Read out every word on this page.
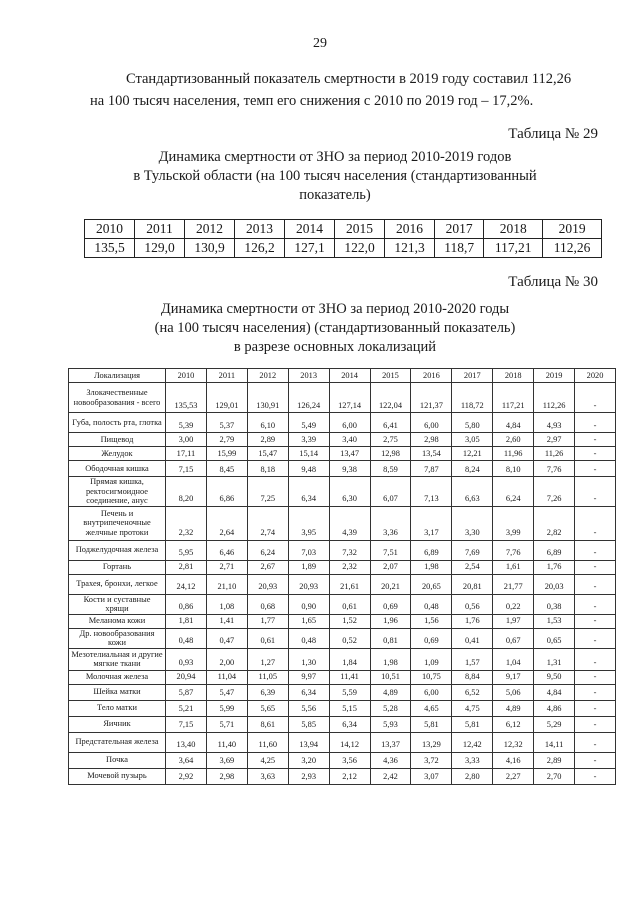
29
Стандартизованный показатель смертности в 2019 году составил 112,26
на 100 тысяч населения, темп его снижения с 2010 по 2019 год – 17,2%.
Таблица № 29
Динамика смертности от ЗНО за период 2010-2019 годов
в Тульской области (на 100 тысяч населения (стандартизованный
показатель)
2010	2011	2012	2013	2014	2015	2016	2017	2018	2019
135,5	129,0	130,9	126,2	127,1	122,0	121,3	118,7	117,21	112,26
Таблица № 30
Динамика смертности от ЗНО за период 2010-2020 годы
(на 100 тысяч населения) (стандартизованный показатель)
в разрезе основных локализаций
Локализация	2010	2011	2012	2013	2014	2015	2016	2017	2018	2019	2020
Злокачественные новообразования - всего	135,53	129,01	130,91	126,24	127,14	122,04	121,37	118,72	117,21	112,26	-
Губа, полость рта, глотка	5,39	5,37	6,10	5,49	6,00	6,41	6,00	5,80	4,84	4,93	-
Пищевод	3,00	2,79	2,89	3,39	3,40	2,75	2,98	3,05	2,60	2,97	-
Желудок	17,11	15,99	15,47	15,14	13,47	12,98	13,54	12,21	11,96	11,26	-
Ободочная кишка	7,15	8,45	8,18	9,48	9,38	8,59	7,87	8,24	8,10	7,76	-
Прямая кишка, ректосигмоидное соединение, анус	8,20	6,86	7,25	6,34	6,30	6,07	7,13	6,63	6,24	7,26	-
Печень и внутрипеченочные желчные протоки	2,32	2,64	2,74	3,95	4,39	3,36	3,17	3,30	3,99	2,82	-
Поджелудочная железа	5,95	6,46	6,24	7,03	7,32	7,51	6,89	7,69	7,76	6,89	-
Гортань	2,81	2,71	2,67	1,89	2,32	2,07	1,98	2,54	1,61	1,76	-
Трахея, бронхи, легкое	24,12	21,10	20,93	20,93	21,61	20,21	20,65	20,81	21,77	20,03	-
Кости и суставные хрящи	0,86	1,08	0,68	0,90	0,61	0,69	0,48	0,56	0,22	0,38	-
Меланома кожи	1,81	1,41	1,77	1,65	1,52	1,96	1,56	1,76	1,97	1,53	-
Др. новообразования кожи	0,48	0,47	0,61	0,48	0,52	0,81	0,69	0,41	0,67	0,65	-
Мезотелиальная и другие мягкие ткани	0,93	2,00	1,27	1,30	1,84	1,98	1,09	1,57	1,04	1,31	-
Молочная железа	20,94	11,04	11,05	9,97	11,41	10,51	10,75	8,84	9,17	9,50	-
Шейка матки	5,87	5,47	6,39	6,34	5,59	4,89	6,00	6,52	5,06	4,84	-
Тело матки	5,21	5,99	5,65	5,56	5,15	5,28	4,65	4,75	4,89	4,86	-
Яичник	7,15	5,71	8,61	5,85	6,34	5,93	5,81	5,81	6,12	5,29	-
Предстательная железа	13,40	11,40	11,60	13,94	14,12	13,37	13,29	12,42	12,32	14,11	-
Почка	3,64	3,69	4,25	3,20	3,56	4,36	3,72	3,33	4,16	2,89	-
Мочевой пузырь	2,92	2,98	3,63	2,93	2,12	2,42	3,07	2,80	2,27	2,70	-
